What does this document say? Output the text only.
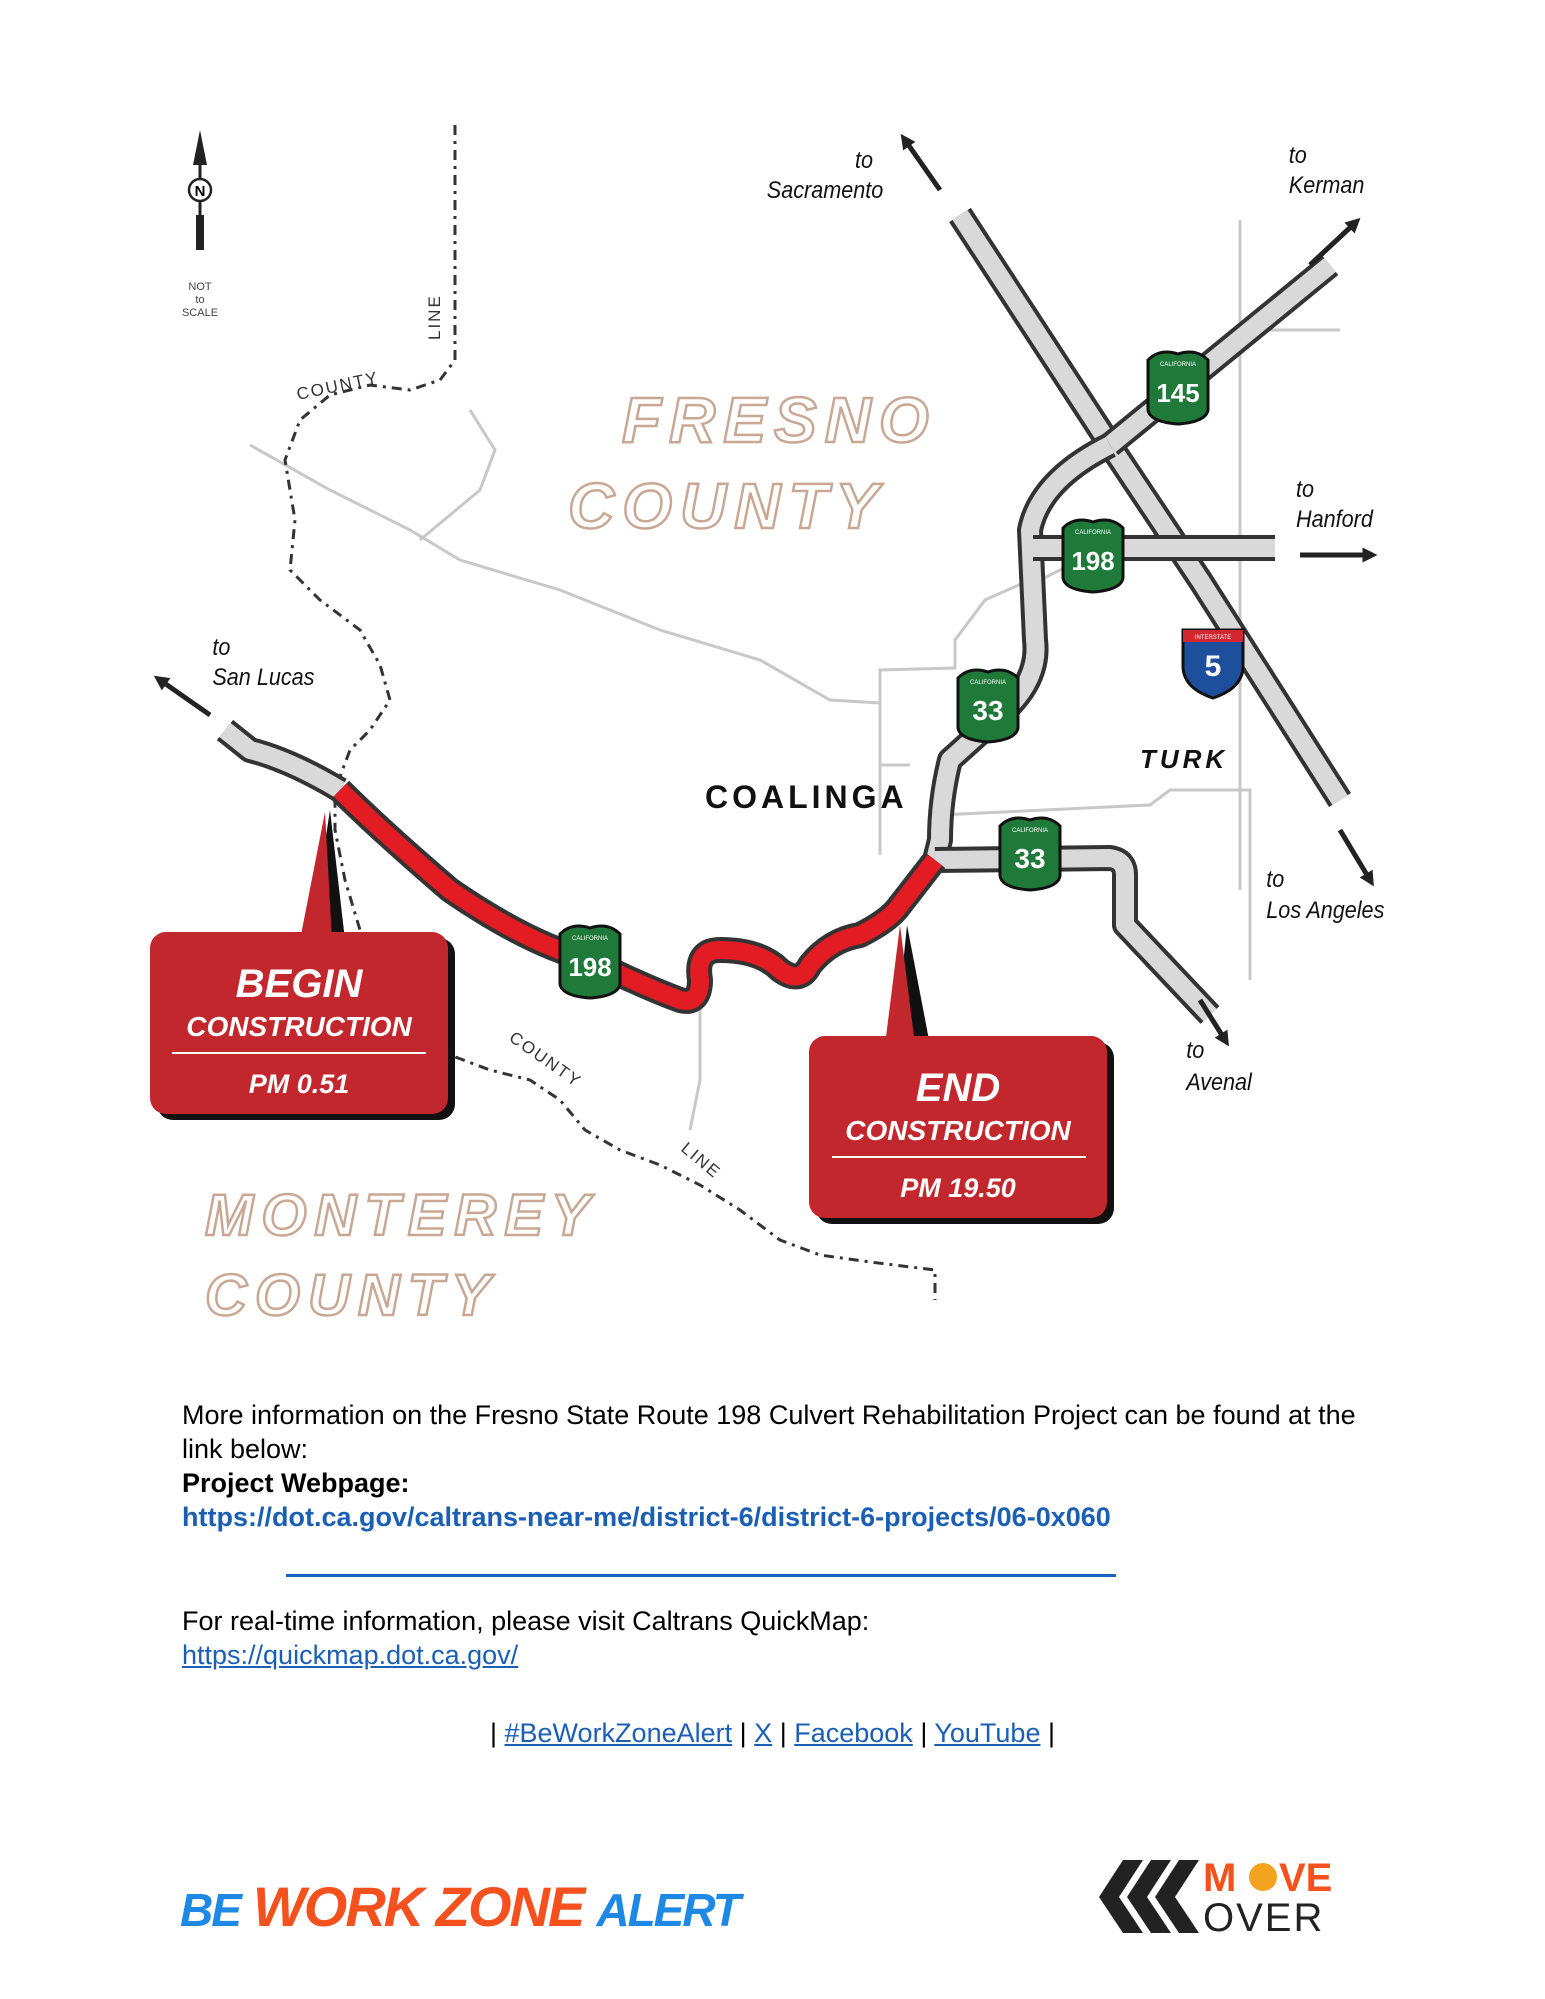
N
NOT
to
SCALE
FRESNO
COUNTY
MONTEREY
COUNTY
COUNTY
LINE
COUNTY
LINE
COALINGA
TURK
to
Sacramento
to
Kerman
to
Hanford
to
Los Angeles
to
Avenal
to
San Lucas
CALIFORNIA
145
CALIFORNIA
198
CALIFORNIA
33
CALIFORNIA
33
CALIFORNIA
198
INTERSTATE
5
BEGIN
CONSTRUCTION
PM 0.51	END
CONSTRUCTION
PM 19.50
More information on the Fresno State Route 198 Culvert Rehabilitation Project can be found at the link below:
Project Webpage:
https://dot.ca.gov/caltrans-near-me/district-6/district-6-projects/06-0x060
For real-time information, please visit Caltrans QuickMap:
https://quickmap.dot.ca.gov/
| #BeWorkZoneAlert | X | Facebook | YouTube |
BE WORK ZONE ALERT
M VE
OVER
